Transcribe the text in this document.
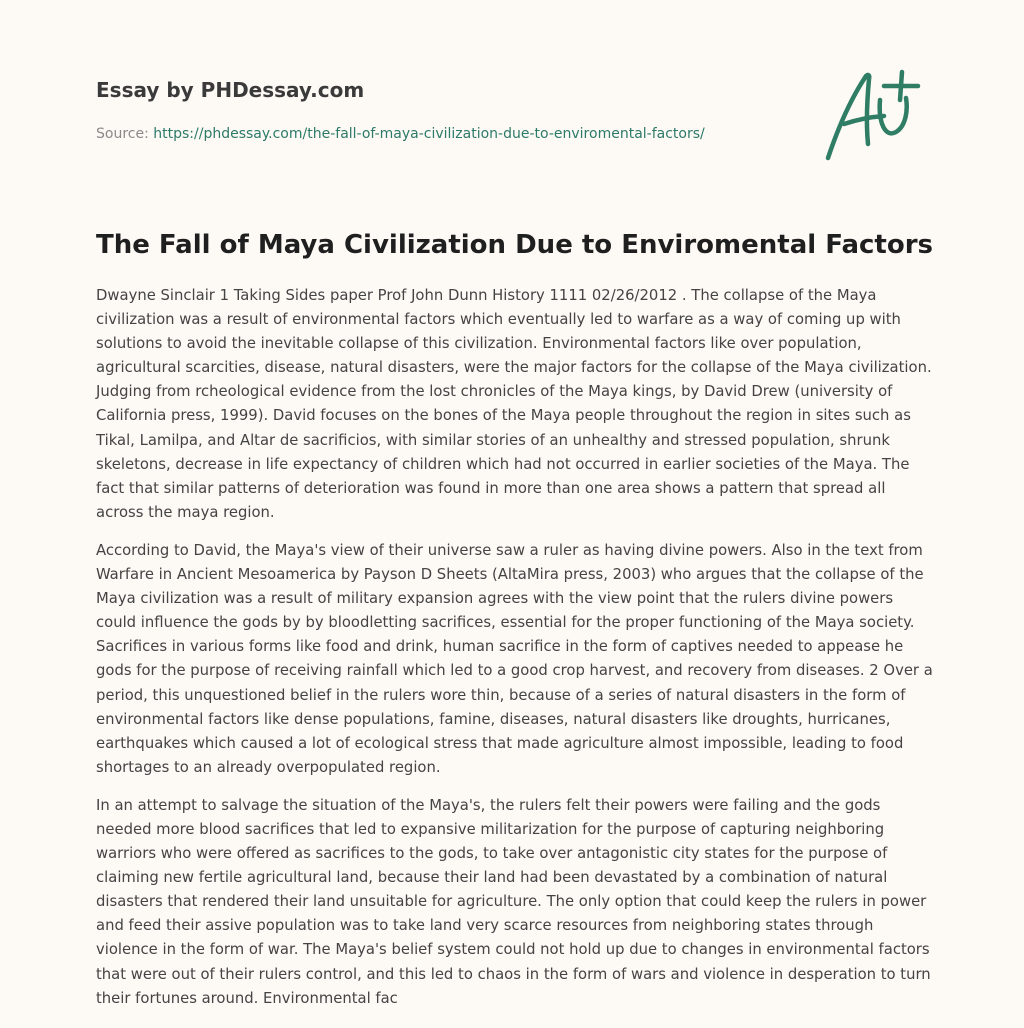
Essay by PHDessay.com
Source: https://phdessay.com/the-fall-of-maya-civilization-due-to-enviromental-factors/
The Fall of Maya Civilization Due to Enviromental Factors

Dwayne Sinclair 1 Taking Sides paper Prof John Dunn History 1111 02/26/2012 . The collapse of the Maya civilization was a result of environmental factors which eventually led to warfare as a way of coming up with solutions to avoid the inevitable collapse of this civilization. Environmental factors like over population, agricultural scarcities, disease, natural disasters, were the major factors for the collapse of the Maya civilization. Judging from rcheological evidence from the lost chronicles of the Maya kings, by David Drew (university of California press, 1999). David focuses on the bones of the Maya people throughout the region in sites such as Tikal, Lamilpa, and Altar de sacrificios, with similar stories of an unhealthy and stressed population, shrunk skeletons, decrease in life expectancy of children which had not occurred in earlier societies of the Maya. The fact that similar patterns of deterioration was found in more than one area shows a pattern that spread all across the maya region.

According to David, the Maya's view of their universe saw a ruler as having divine powers. Also in the text from Warfare in Ancient Mesoamerica by Payson D Sheets (AltaMira press, 2003) who argues that the collapse of the Maya civilization was a result of military expansion agrees with the view point that the rulers divine powers could influence the gods by by bloodletting sacrifices, essential for the proper functioning of the Maya society. Sacrifices in various forms like food and drink, human sacrifice in the form of captives needed to appease he gods for the purpose of receiving rainfall which led to a good crop harvest, and recovery from diseases. 2 Over a period, this unquestioned belief in the rulers wore thin, because of a series of natural disasters in the form of environmental factors like dense populations, famine, diseases, natural disasters like droughts, hurricanes, earthquakes which caused a lot of ecological stress that made agriculture almost impossible, leading to food shortages to an already overpopulated region.

In an attempt to salvage the situation of the Maya's, the rulers felt their powers were failing and the gods needed more blood sacrifices that led to expansive militarization for the purpose of capturing neighboring warriors who were offered as sacrifices to the gods, to take over antagonistic city states for the purpose of claiming new fertile agricultural land, because their land had been devastated by a combination of natural disasters that rendered their land unsuitable for agriculture. The only option that could keep the rulers in power and feed their assive population was to take land very scarce resources from neighboring states through violence in the form of war. The Maya's belief system could not hold up due to changes in environmental factors that were out of their rulers control, and this led to chaos in the form of wars and violence in desperation to turn their fortunes around. Environmental fac
